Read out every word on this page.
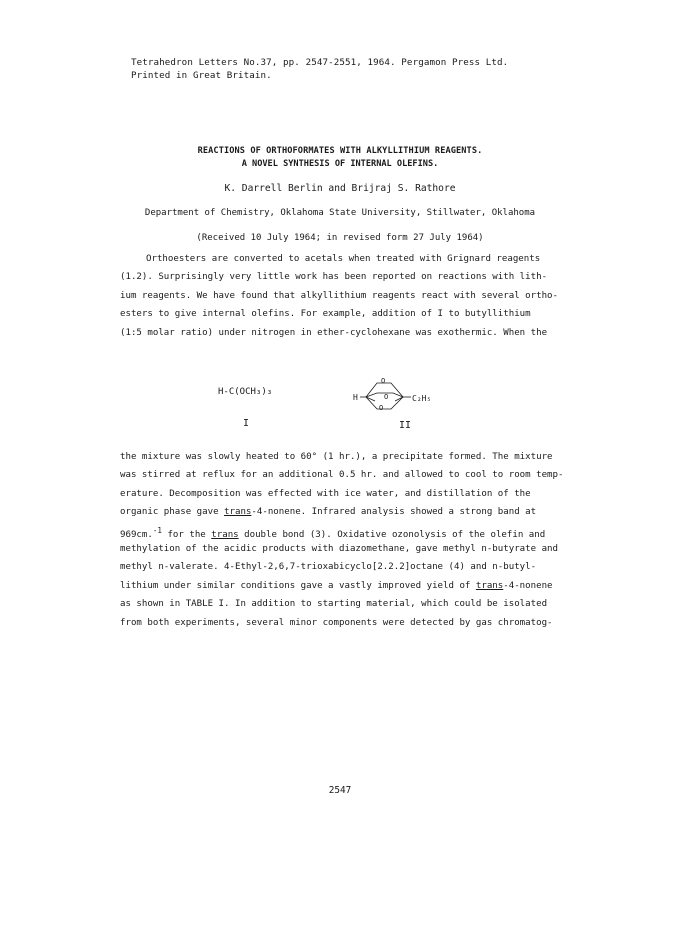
Tetrahedron Letters No.37, pp. 2547-2551, 1964. Pergamon Press Ltd.
Printed in Great Britain.
REACTIONS OF ORTHOFORMATES WITH ALKYLLITHIUM REAGENTS.
A NOVEL SYNTHESIS OF INTERNAL OLEFINS.
K. Darrell Berlin and Brijraj S. Rathore
Department of Chemistry, Oklahoma State University, Stillwater, Oklahoma
(Received 10 July 1964; in revised form 27 July 1964)
Orthoesters are converted to acetals when treated with Grignard reagents
(1.2). Surprisingly very little work has been reported on reactions with lith-
ium reagents. We have found that alkyllithium reagents react with several ortho-
esters to give internal olefins. For example, addition of I to butyllithium
(1:5 molar ratio) under nitrogen in ether-cyclohexane was exothermic. When the
H-C(OCH₃)₃
I
H
O
O
O
C₂H₅
II
the mixture was slowly heated to 60° (1 hr.), a precipitate formed. The mixture
was stirred at reflux for an additional 0.5 hr. and allowed to cool to room temp-
erature. Decomposition was effected with ice water, and distillation of the
organic phase gave trans-4-nonene. Infrared analysis showed a strong band at
969cm.$^{-1}$ for the trans double bond (3). Oxidative ozonolysis of the olefin and
methylation of the acidic products with diazomethane, gave methyl n-butyrate and
methyl n-valerate. 4-Ethyl-2,6,7-trioxabicyclo[2.2.2]octane (4) and n-butyl-
lithium under similar conditions gave a vastly improved yield of trans-4-nonene
as shown in TABLE I. In addition to starting material, which could be isolated
from both experiments, several minor components were detected by gas chromatog-
2547
